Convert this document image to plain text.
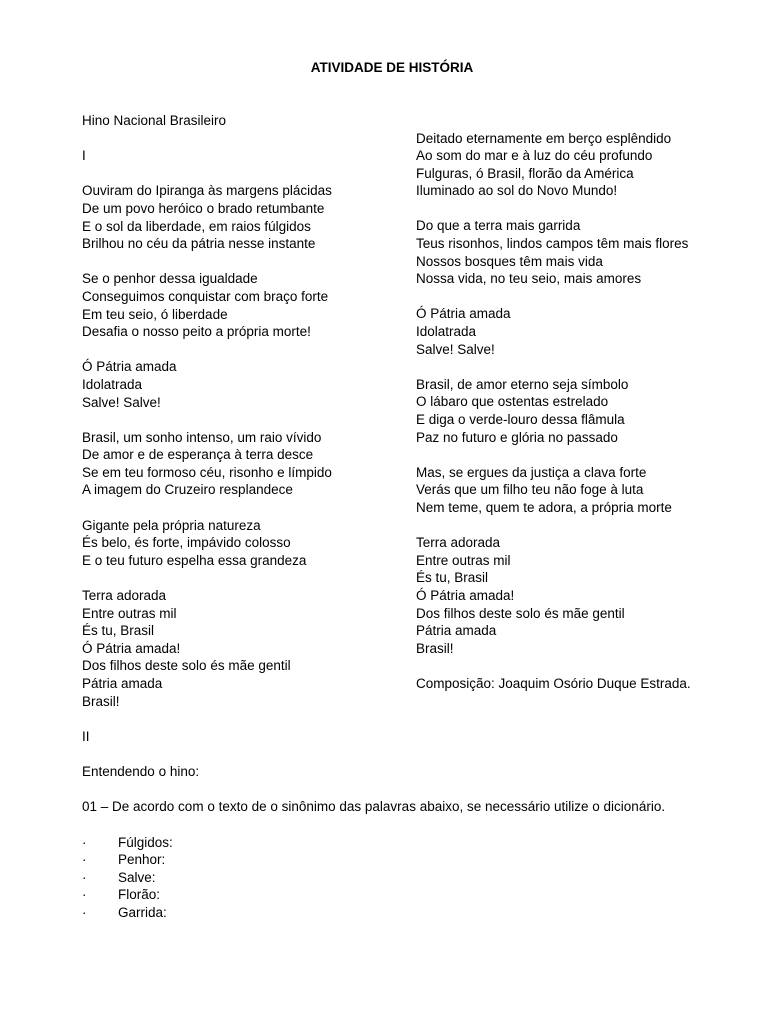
ATIVIDADE DE HISTÓRIA
Hino Nacional Brasileiro
I
Ouviram do Ipiranga às margens plácidas
De um povo heróico o brado retumbante
E o sol da liberdade, em raios fúlgidos
Brilhou no céu da pátria nesse instante
Se o penhor dessa igualdade
Conseguimos conquistar com braço forte
Em teu seio, ó liberdade
Desafia o nosso peito a própria morte!
Ó Pátria amada
Idolatrada
Salve! Salve!
Brasil, um sonho intenso, um raio vívido
De amor e de esperança à terra desce
Se em teu formoso céu, risonho e límpido
A imagem do Cruzeiro resplandece
Gigante pela própria natureza
És belo, és forte, impávido colosso
E o teu futuro espelha essa grandeza
Terra adorada
Entre outras mil
És tu, Brasil
Ó Pátria amada!
Dos filhos deste solo és mãe gentil
Pátria amada
Brasil!
Deitado eternamente em berço esplêndido
Ao som do mar e à luz do céu profundo
Fulguras, ó Brasil, florão da América
Iluminado ao sol do Novo Mundo!
Do que a terra mais garrida
Teus risonhos, lindos campos têm mais flores
Nossos bosques têm mais vida
Nossa vida, no teu seio, mais amores
Ó Pátria amada
Idolatrada
Salve! Salve!
Brasil, de amor eterno seja símbolo
O lábaro que ostentas estrelado
E diga o verde-louro dessa flâmula
Paz no futuro e glória no passado
Mas, se ergues da justiça a clava forte
Verás que um filho teu não foge à luta
Nem teme, quem te adora, a própria morte
Terra adorada
Entre outras mil
És tu, Brasil
Ó Pátria amada!
Dos filhos deste solo és mãe gentil
Pátria amada
Brasil!
Composição: Joaquim Osório Duque Estrada.
II
Entendendo o hino:
01 – De acordo com o texto de o sinônimo das palavras abaixo, se necessário utilize o dicionário.
· Fúlgidos:
· Penhor:
· Salve:
· Florão:
· Garrida:
